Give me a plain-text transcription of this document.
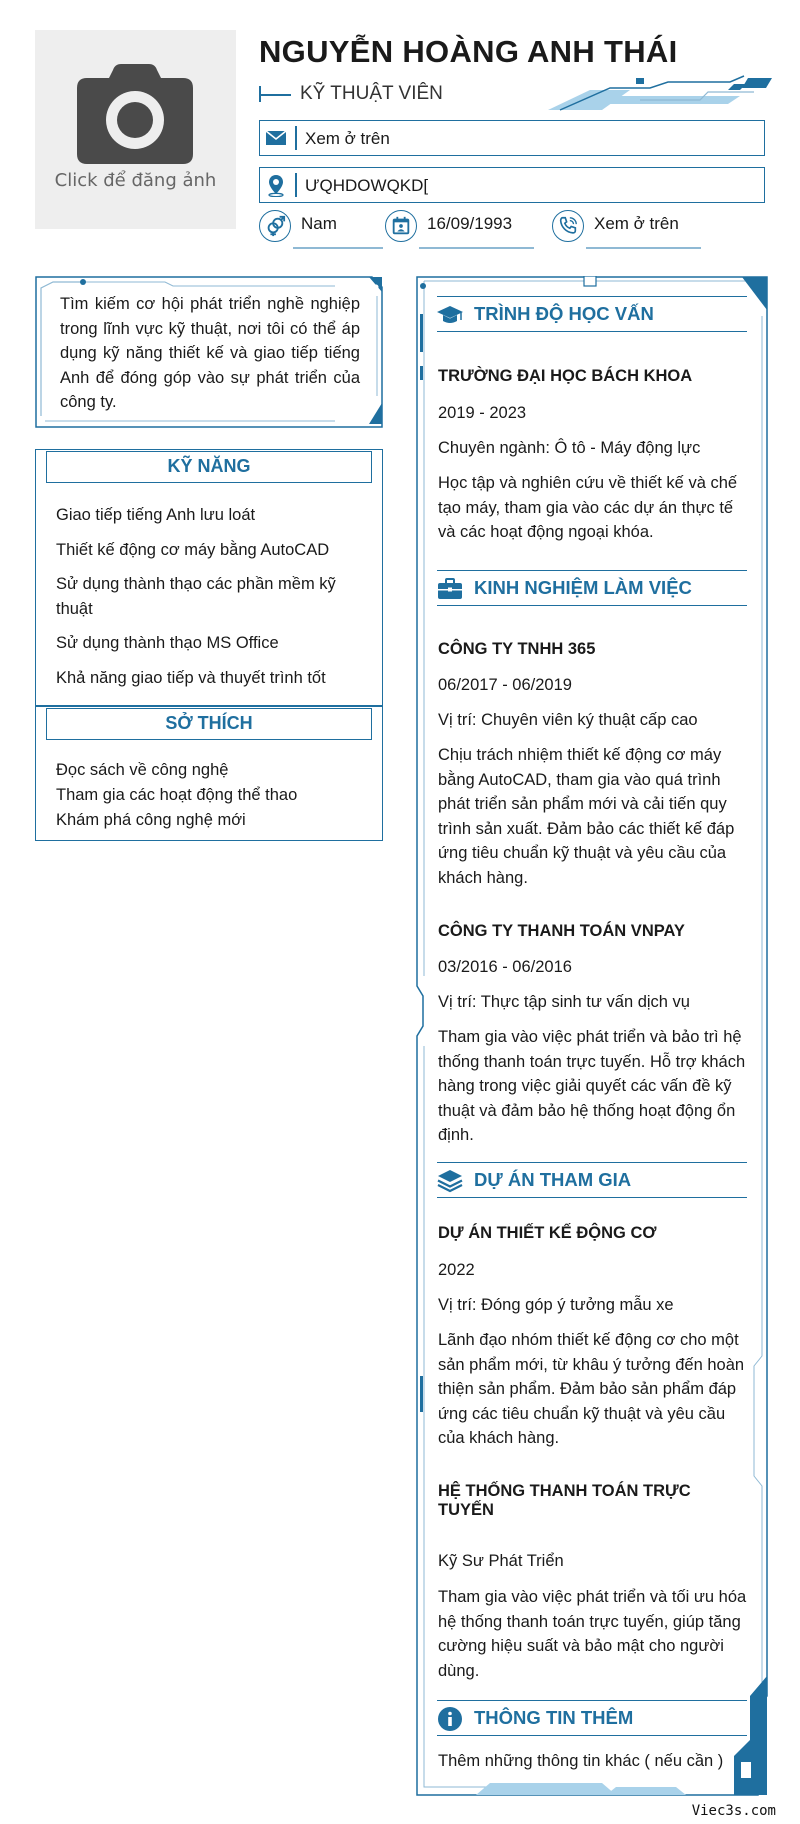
Click để đăng ảnh
NGUYỄN HOÀNG ANH THÁI
KỸ THUẬT VIÊN
Xem ở trên
ƯQHDOWQKD[
Nam	16/09/1993	Xem ở trên
Tìm kiếm cơ hội phát triển nghề nghiệp trong lĩnh vực kỹ thuật, nơi tôi có thể áp dụng kỹ năng thiết kế và giao tiếp tiếng Anh để đóng góp vào sự phát triển của công ty.
KỸ NĂNG
Giao tiếp tiếng Anh lưu loát
Thiết kế động cơ máy bằng AutoCAD
Sử dụng thành thạo các phần mềm kỹ thuật
Sử dụng thành thạo MS Office
Khả năng giao tiếp và thuyết trình tốt
SỞ THÍCH
Đọc sách về công nghệ
Tham gia các hoạt động thể thao
Khám phá công nghệ mới
TRÌNH ĐỘ HỌC VẤN
TRƯỜNG ĐẠI HỌC BÁCH KHOA
2019 - 2023
Chuyên ngành: Ô tô - Máy động lực
Học tập và nghiên cứu về thiết kế và chế tạo máy, tham gia vào các dự án thực tế và các hoạt động ngoại khóa.
KINH NGHIỆM LÀM VIỆC
CÔNG TY TNHH 365
06/2017 - 06/2019
Vị trí: Chuyên viên ký thuật cấp cao
Chịu trách nhiệm thiết kế động cơ máy bằng AutoCAD, tham gia vào quá trình phát triển sản phẩm mới và cải tiến quy trình sản xuất. Đảm bảo các thiết kế đáp ứng tiêu chuẩn kỹ thuật và yêu cầu của khách hàng.
CÔNG TY THANH TOÁN VNPAY
03/2016 - 06/2016
Vị trí: Thực tập sinh tư vấn dịch vụ
Tham gia vào việc phát triển và bảo trì hệ thống thanh toán trực tuyến. Hỗ trợ khách hàng trong việc giải quyết các vấn đề kỹ thuật và đảm bảo hệ thống hoạt động ổn định.
DỰ ÁN THAM GIA
DỰ ÁN THIẾT KẾ ĐỘNG CƠ
2022
Vị trí: Đóng góp ý tưởng mẫu xe
Lãnh đạo nhóm thiết kế động cơ cho một sản phẩm mới, từ khâu ý tưởng đến hoàn thiện sản phẩm. Đảm bảo sản phẩm đáp ứng các tiêu chuẩn kỹ thuật và yêu cầu của khách hàng.
HỆ THỐNG THANH TOÁN TRỰC TUYẾN
Kỹ Sư Phát Triển
Tham gia vào việc phát triển và tối ưu hóa hệ thống thanh toán trực tuyến, giúp tăng cường hiệu suất và bảo mật cho người dùng.
THÔNG TIN THÊM
Thêm những thông tin khác ( nếu cần )
Viec3s.com
